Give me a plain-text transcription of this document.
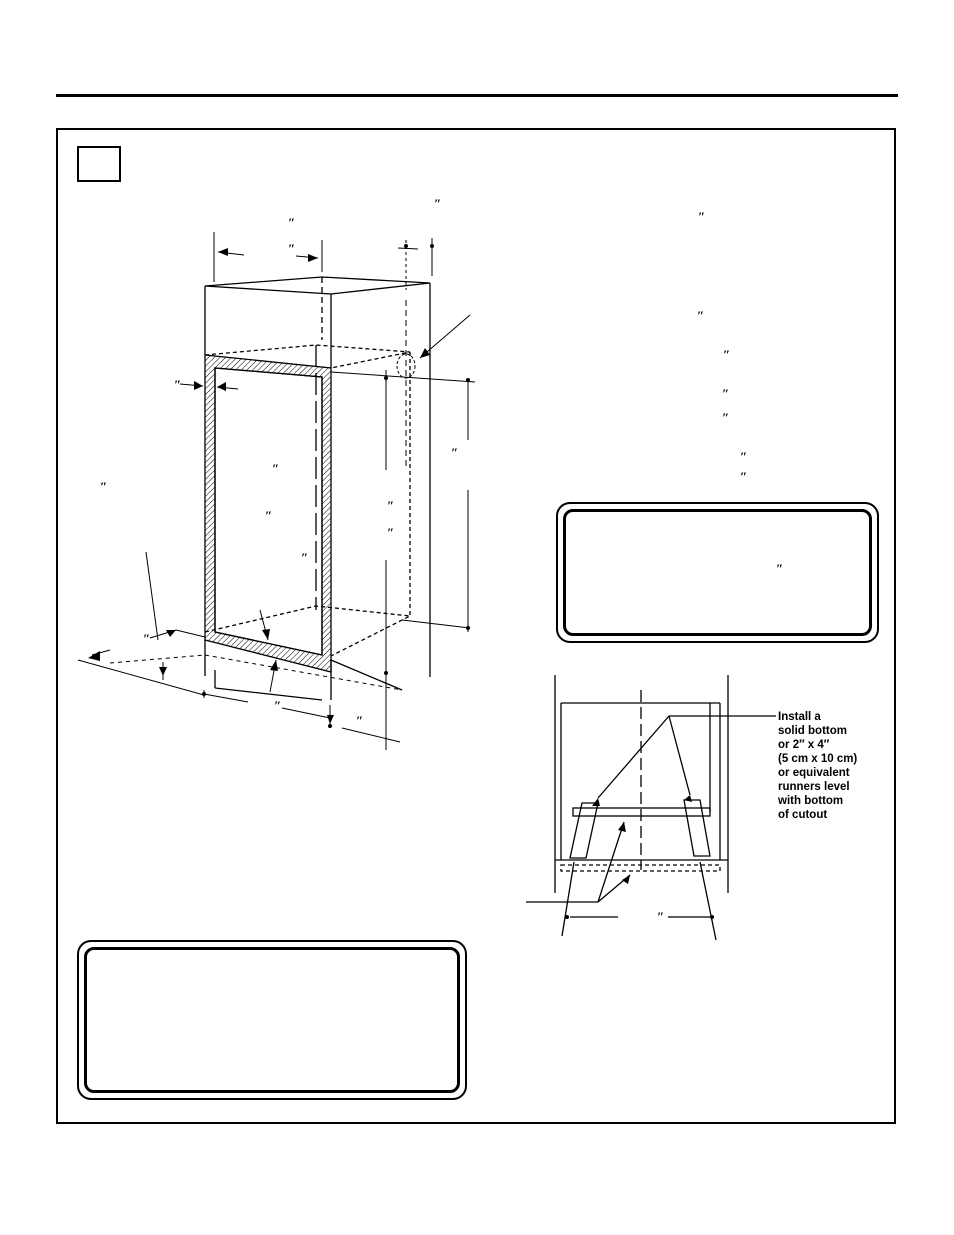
″
″
″
″
″
″
″
″
″
″
″
″
″
″
″
″
″
″
″
″
″
″
Install a
solid bottom
or 2″ x 4″
(5 cm x 10 cm)
or equivalent
runners level
with bottom
of cutout
″
